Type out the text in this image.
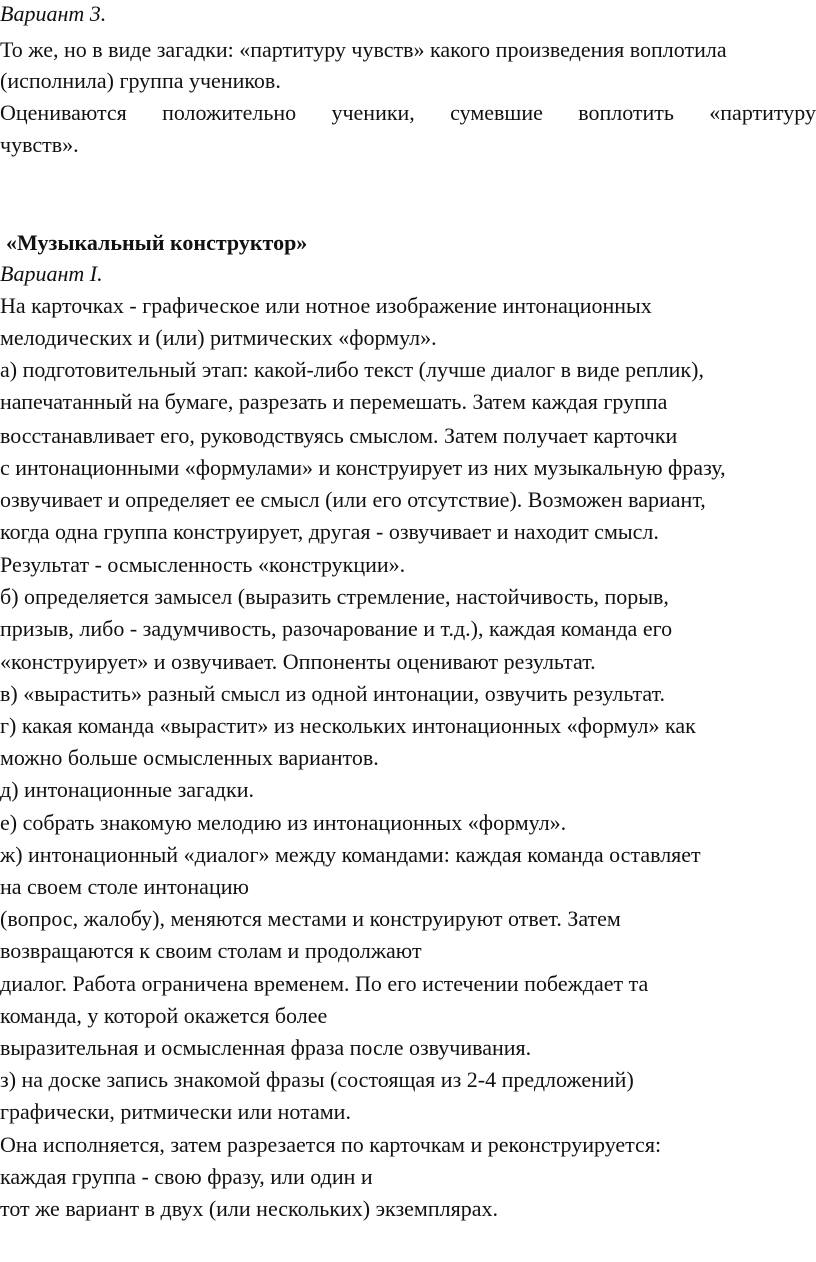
Вариант 3.
То же, но в виде загадки: «партитуру чувств» какого произведения воплотила
(исполнила) группа учеников.
Оцениваются положительно ученики, сумевшие воплотить «партитуру
чувств».
«Музыкальный конструктор»
Вариант I.
На карточках - графическое или нотное изображение интонационных
мелодических и (или) ритмических «формул».
а) подготовительный этап: какой-либо текст (лучше диалог в виде реплик),
напечатанный на бумаге, разрезать и перемешать. Затем каждая группа
восстанавливает его, руководствуясь смыслом. Затем получает карточки
с интонационными «формулами» и конструирует из них музыкальную фразу,
озвучивает и определяет ее смысл (или его отсутствие). Возможен вариант,
когда одна группа конструирует, другая - озвучивает и находит смысл.
Результат - осмысленность «конструкции».
б) определяется замысел (выразить стремление, настойчивость, порыв,
призыв, либо - задумчивость, разочарование и т.д.), каждая команда его
«конструирует» и озвучивает. Оппоненты оценивают результат.
в) «вырастить» разный смысл из одной интонации, озвучить результат.
г) какая команда «вырастит» из нескольких интонационных «формул» как
можно больше осмысленных вариантов.
д) интонационные загадки.
е) собрать знакомую мелодию из интонационных «формул».
ж) интонационный «диалог» между командами: каждая команда оставляет
на своем столе интонацию
(вопрос, жалобу), меняются местами и конструируют ответ. Затем
возвращаются к своим столам и продолжают
диалог. Работа ограничена временем. По его истечении побеждает та
команда, у которой окажется более
выразительная и осмысленная фраза после озвучивания.
з) на доске запись знакомой фразы (состоящая из 2-4 предложений)
графически, ритмически или нотами.
Она исполняется, затем разрезается по карточкам и реконструируется:
каждая группа - свою фразу, или один и
тот же вариант в двух (или нескольких) экземплярах.
